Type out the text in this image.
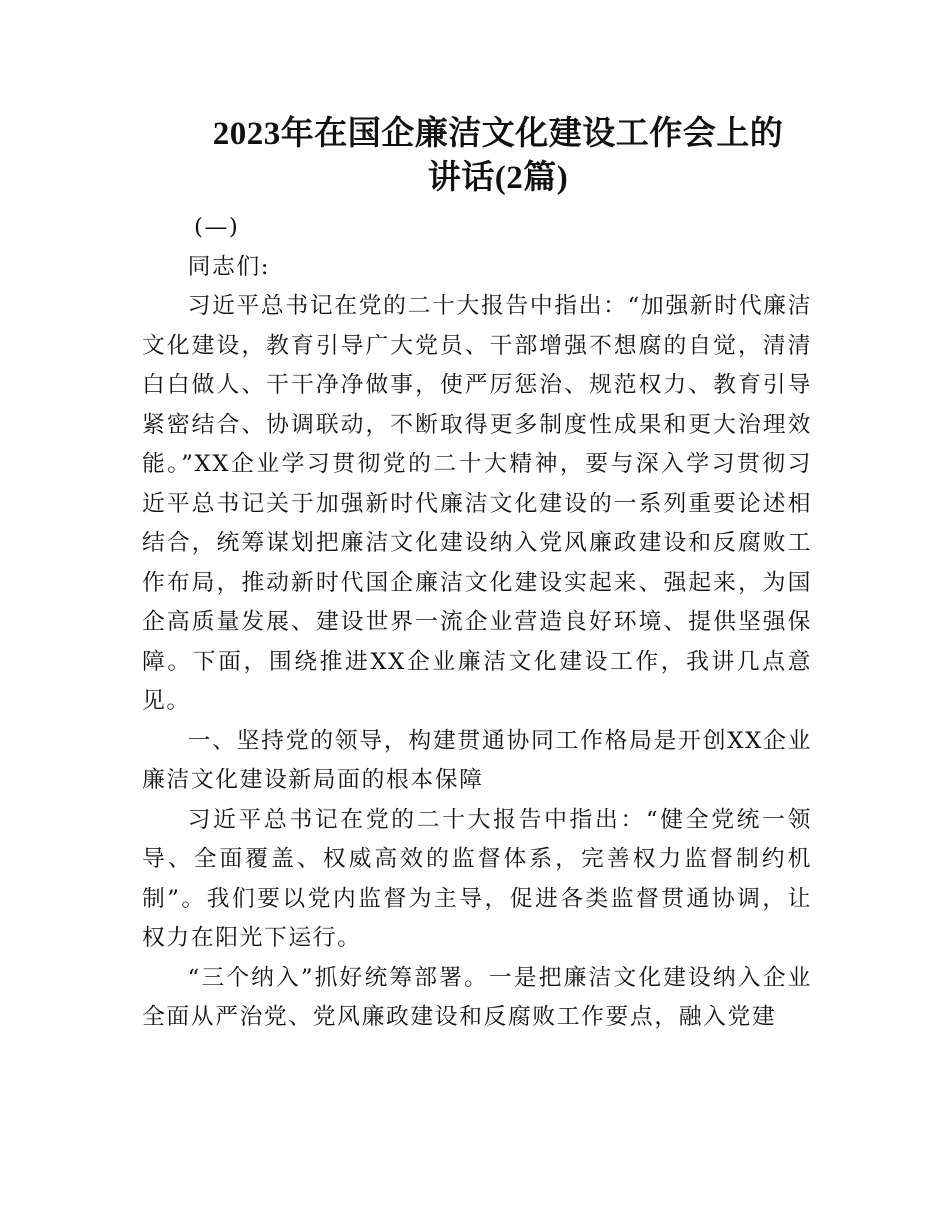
2023年在国企廉洁文化建设工作会上的
讲话(2篇)

(—)

同志们:

习近平总书记在党的二十大报告中指出：“加强新时代廉洁文化建设，教育引导广大党员、干部增强不想腐的自觉，清清白白做人、干干净净做事，使严厉惩治、规范权力、教育引导紧密结合、协调联动，不断取得更多制度性成果和更大治理效能。”XX企业学习贯彻党的二十大精神，要与深入学习贯彻习近平总书记关于加强新时代廉洁文化建设的一系列重要论述相结合，统筹谋划把廉洁文化建设纳入党风廉政建设和反腐败工作布局，推动新时代国企廉洁文化建设实起来、强起来，为国企高质量发展、建设世界一流企业营造良好环境、提供坚强保障。下面，围绕推进XX企业廉洁文化建设工作，我讲几点意见。

一、坚持党的领导，构建贯通协同工作格局是开创XX企业廉洁文化建设新局面的根本保障

习近平总书记在党的二十大报告中指出：“健全党统一领导、全面覆盖、权威高效的监督体系，完善权力监督制约机制”。我们要以党内监督为主导，促进各类监督贯通协调，让权力在阳光下运行。

“三个纳入”抓好统筹部署。一是把廉洁文化建设纳入企业全面从严治党、党风廉政建设和反腐败工作要点，融入党建
